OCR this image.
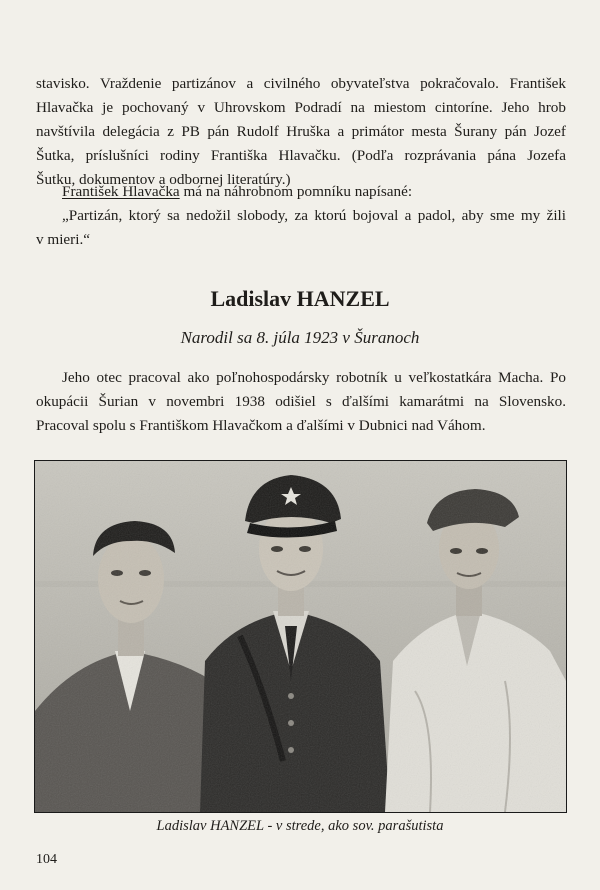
stavisko. Vraždenie partizánov a civilného obyvateľstva pokračovalo. František
Hlavačka je pochovaný v Uhrovskom Podradí na miestom cintoríne. Jeho hrob
navštívila delegácia z PB pán Rudolf Hruška a primátor mesta Šurany pán Jozef
Šutka, príslušníci rodiny Františka Hlavačku. (Podľa rozprávania pána Jozefa
Šutku, dokumentov a odbornej literatúry.)

František Hlavačka má na náhrobnom pomníku napísané:
„Partizán, ktorý sa nedožil slobody, za ktorú bojoval a padol, aby sme my žili
v mieri.“

Ladislav HANZEL
Narodil sa 8. júla 1923 v Šuranoch

Jeho otec pracoval ako poľnohospodársky robotník u veľkostatkára Macha. Po
okupácii Šurian v novembri 1938 odišiel s ďalšími kamarátmi na Slovensko.
Pracoval spolu s Františkom Hlavačkom a ďalšími v Dubnici nad Váhom.

Ladislav HANZEL - v strede, ako sov. parašutista
104
